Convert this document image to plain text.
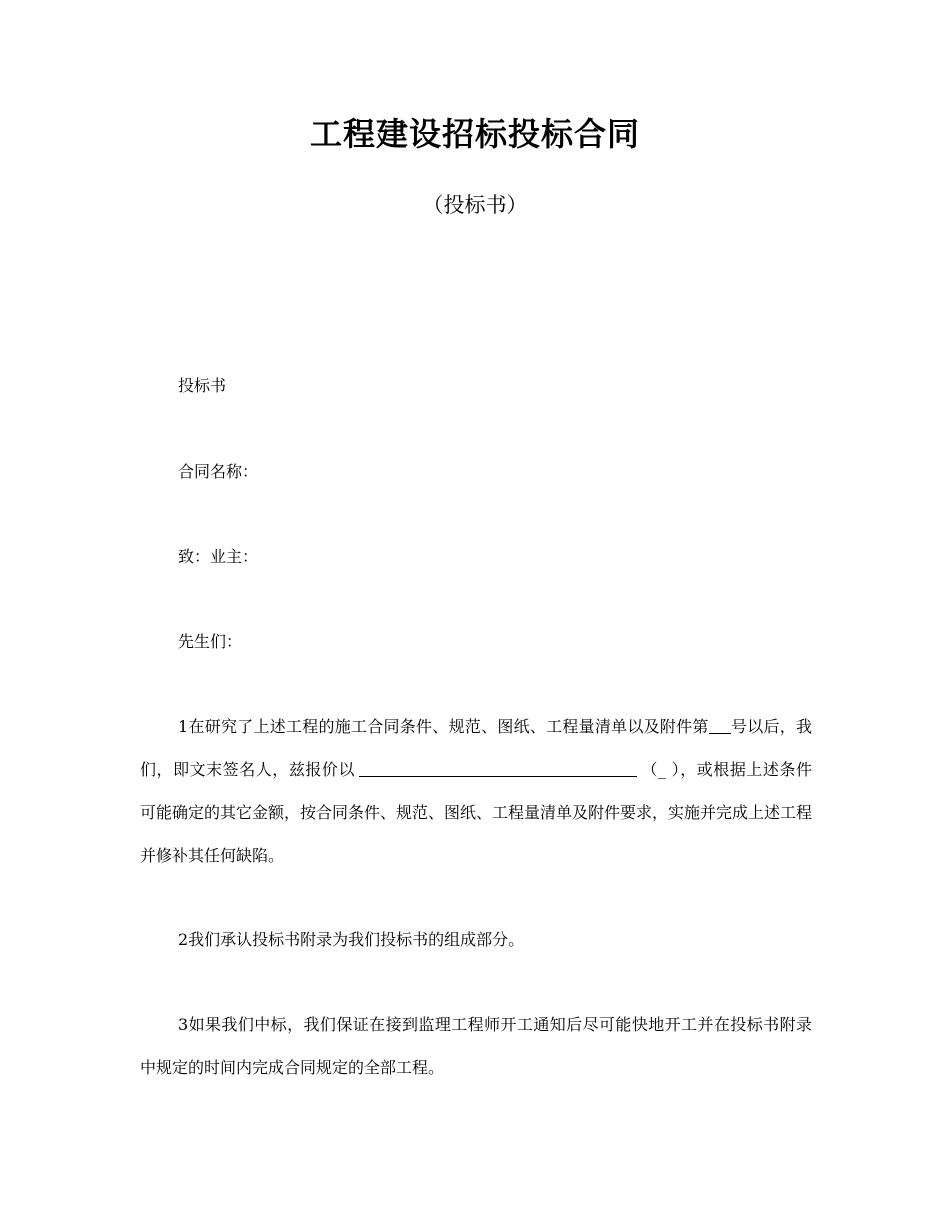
工程建设招标投标合同
（投标书）
投标书
合同名称：
致：业主：
先生们：
1在研究了上述工程的施工合同条件、规范、图纸、工程量清单以及附件第 号以后，我们，即文末签名人，兹报价以	（_ ），或根据上述条件可能确定的其它金额，按合同条件、规范、图纸、工程量清单及附件要求，实施并完成上述工程并修补其任何缺陷。
2我们承认投标书附录为我们投标书的组成部分。
3如果我们中标，我们保证在接到监理工程师开工通知后尽可能快地开工并在投标书附录中规定的时间内完成合同规定的全部工程。
